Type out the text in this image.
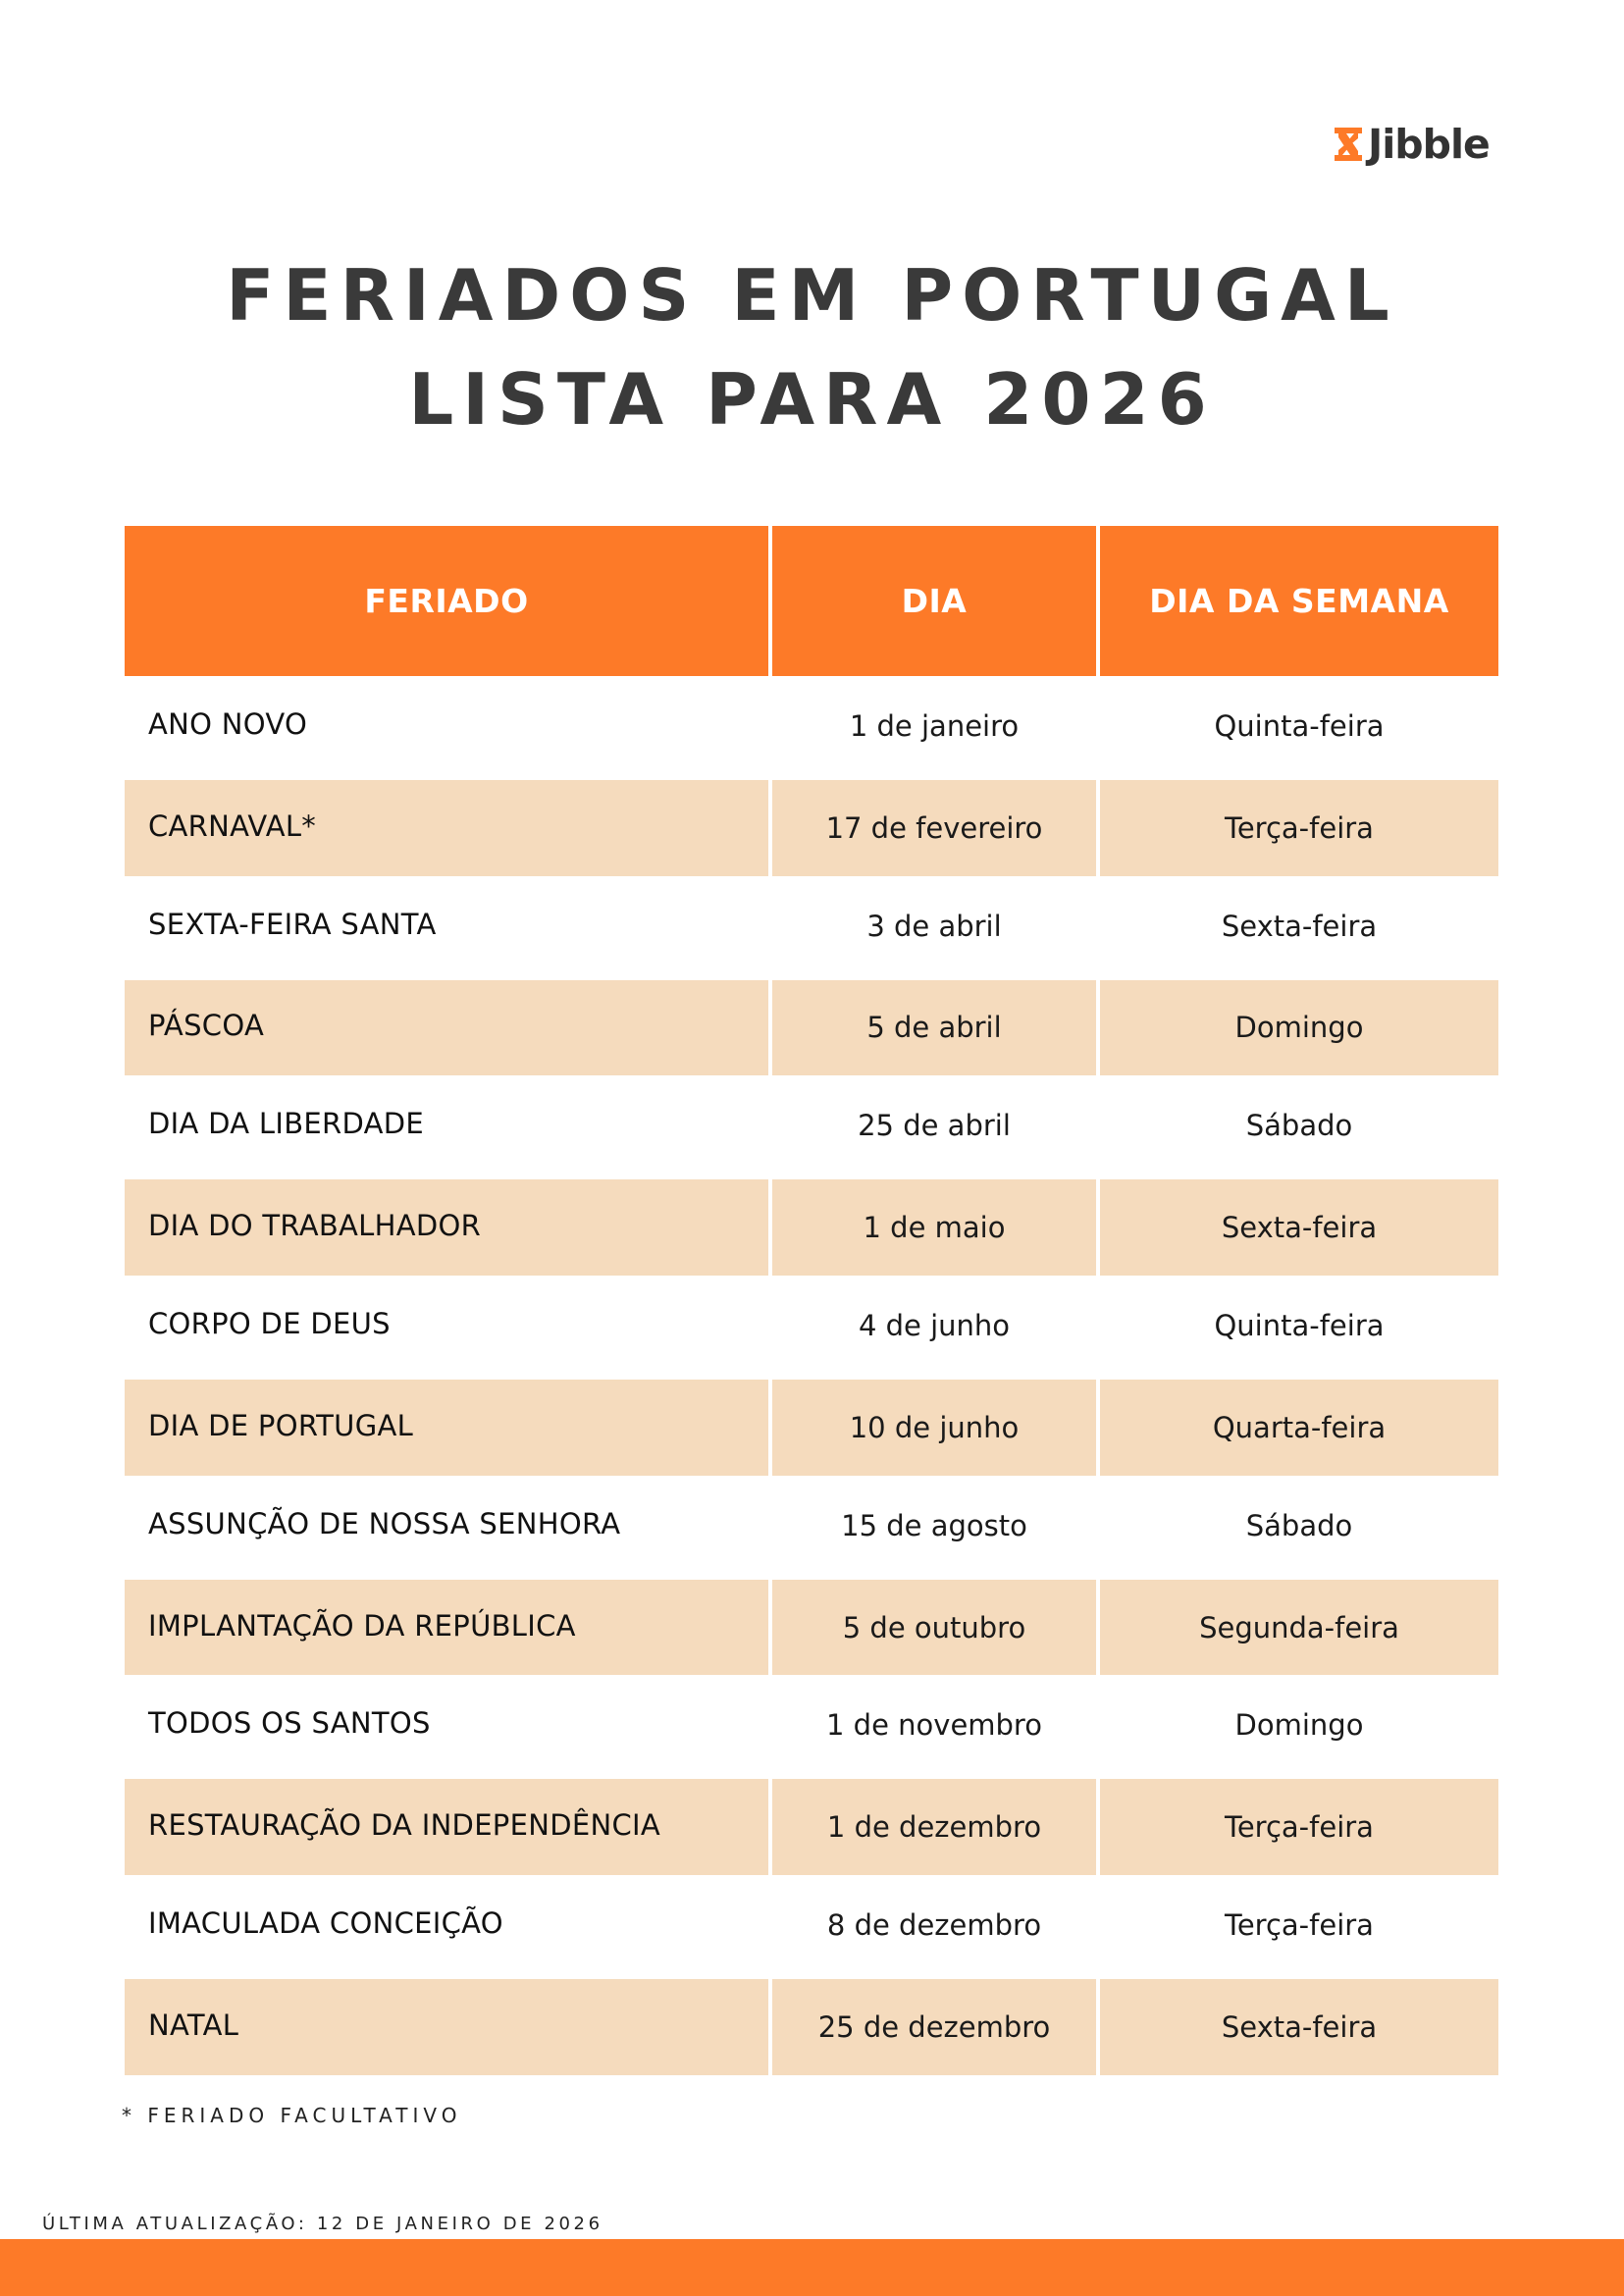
Jibble
FERIADOS EM PORTUGAL
LISTA PARA 2026
FERIADO	DIA	DIA DA SEMANA
ANO NOVO	1 de janeiro	Quinta-feira
CARNAVAL*	17 de fevereiro	Terça-feira
SEXTA-FEIRA SANTA	3 de abril	Sexta-feira
PÁSCOA	5 de abril	Domingo
DIA DA LIBERDADE	25 de abril	Sábado
DIA DO TRABALHADOR	1 de maio	Sexta-feira
CORPO DE DEUS	4 de junho	Quinta-feira
DIA DE PORTUGAL	10 de junho	Quarta-feira
ASSUNÇÃO DE NOSSA SENHORA	15 de agosto	Sábado
IMPLANTAÇÃO DA REPÚBLICA	5 de outubro	Segunda-feira
TODOS OS SANTOS	1 de novembro	Domingo
RESTAURAÇÃO DA INDEPENDÊNCIA	1 de dezembro	Terça-feira
IMACULADA CONCEIÇÃO	8 de dezembro	Terça-feira
NATAL	25 de dezembro	Sexta-feira
* FERIADO FACULTATIVO
ÚLTIMA ATUALIZAÇÃO: 12 DE JANEIRO DE 2026
